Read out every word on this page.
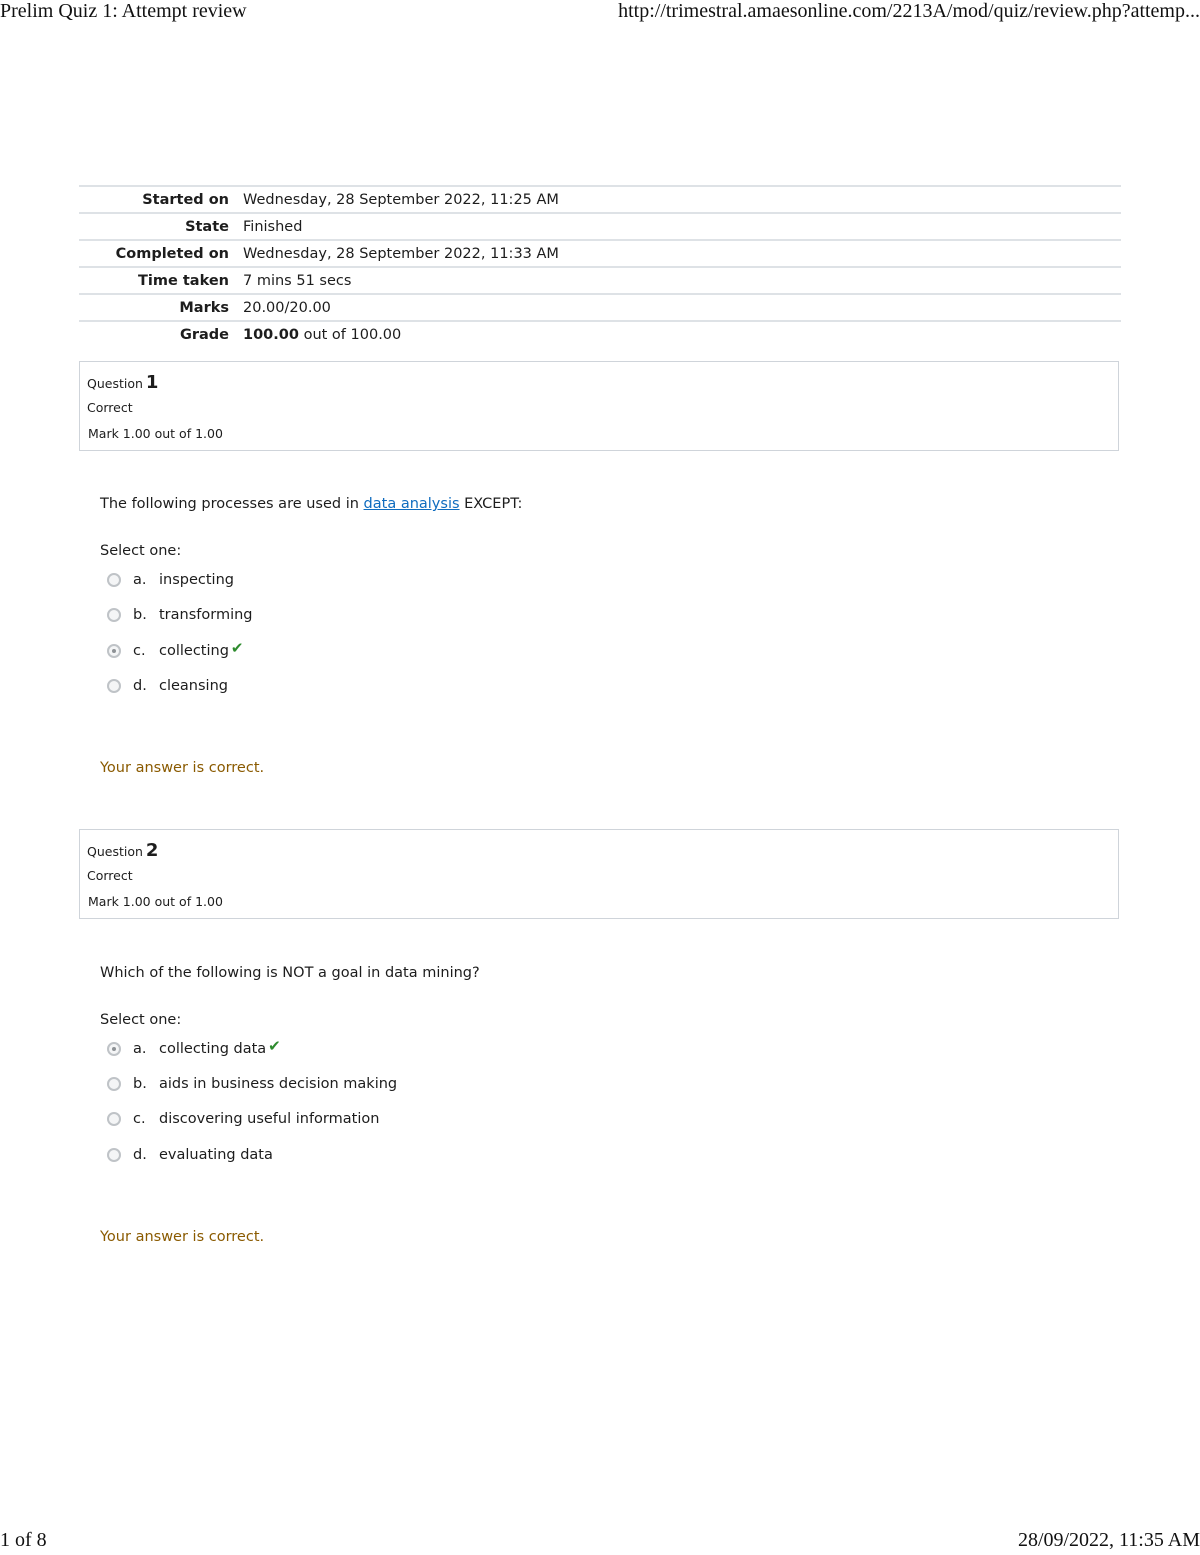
Prelim Quiz 1: Attempt review	http://trimestral.amaesonline.com/2213A/mod/quiz/review.php?attemp...
Started on Wednesday, 28 September 2022, 11:25 AM
State Finished
Completed on Wednesday, 28 September 2022, 11:33 AM
Time taken 7 mins 51 secs
Marks 20.00/20.00
Grade 100.00 out of 100.00
Question 1
Correct
Mark 1.00 out of 1.00
The following processes are used in data analysis EXCEPT:
Select one:
a. inspecting
b. transforming
c. collecting ✔
d. cleansing
Your answer is correct.
Question 2
Correct
Mark 1.00 out of 1.00
Which of the following is NOT a goal in data mining?
Select one:
a. collecting data ✔
b. aids in business decision making
c. discovering useful information
d. evaluating data
Your answer is correct.
1 of 8	28/09/2022, 11:35 AM
